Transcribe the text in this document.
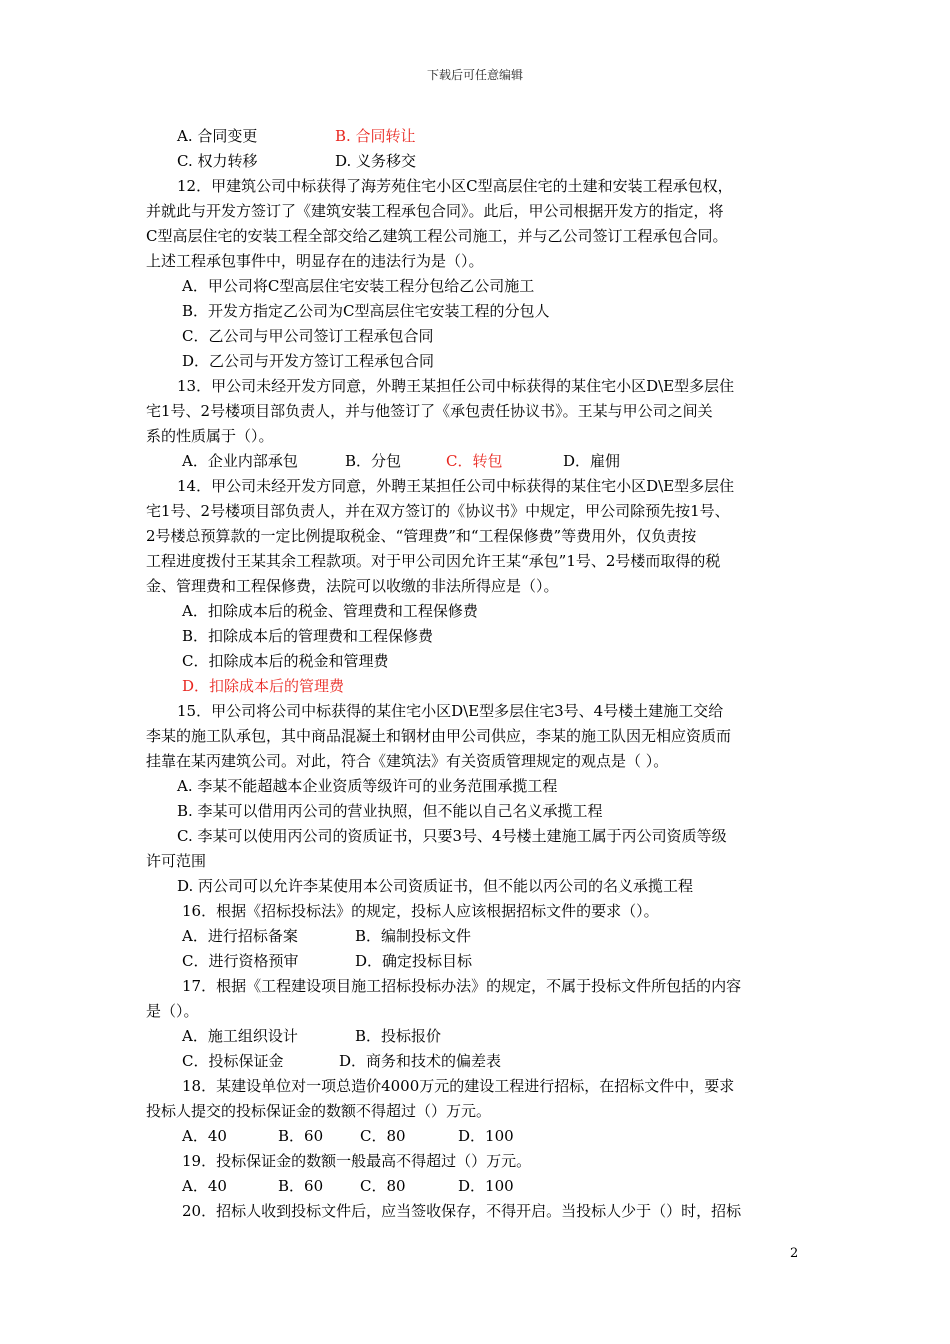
下载后可任意编辑
A. 合同变更	B. 合同转让
C. 权力转移	D. 义务移交
12．甲建筑公司中标获得了海芳苑住宅小区C型高层住宅的土建和安装工程承包权，
并就此与开发方签订了《建筑安装工程承包合同》。此后，甲公司根据开发方的指定，将
C型高层住宅的安装工程全部交给乙建筑工程公司施工，并与乙公司签订工程承包合同。
上述工程承包事件中，明显存在的违法行为是（）。
A．甲公司将C型高层住宅安装工程分包给乙公司施工
B．开发方指定乙公司为C型高层住宅安装工程的分包人
C．乙公司与甲公司签订工程承包合同
D．乙公司与开发方签订工程承包合同
13．甲公司未经开发方同意，外聘王某担任公司中标获得的某住宅小区D\E型多层住
宅1号、2号楼项目部负责人，并与他签订了《承包责任协议书》。王某与甲公司之间关
系的性质属于（）。
A．企业内部承包	B．分包	C．转包	D．雇佣
14．甲公司未经开发方同意，外聘王某担任公司中标获得的某住宅小区D\E型多层住
宅1号、2号楼项目部负责人，并在双方签订的《协议书》中规定，甲公司除预先按1号、
2号楼总预算款的一定比例提取税金、“管理费”和“工程保修费”等费用外，仅负责按
工程进度拨付王某其余工程款项。对于甲公司因允许王某“承包”1号、2号楼而取得的税
金、管理费和工程保修费，法院可以收缴的非法所得应是（）。
A．扣除成本后的税金、管理费和工程保修费
B．扣除成本后的管理费和工程保修费
C．扣除成本后的税金和管理费
D．扣除成本后的管理费
15．甲公司将公司中标获得的某住宅小区D\E型多层住宅3号、4号楼土建施工交给
李某的施工队承包，其中商品混凝土和钢材由甲公司供应，李某的施工队因无相应资质而
挂靠在某丙建筑公司。对此，符合《建筑法》有关资质管理规定的观点是（ ）。
A. 李某不能超越本企业资质等级许可的业务范围承揽工程
B. 李某可以借用丙公司的营业执照，但不能以自己名义承揽工程
C. 李某可以使用丙公司的资质证书，只要3号、4号楼土建施工属于丙公司资质等级
许可范围
D. 丙公司可以允许李某使用本公司资质证书，但不能以丙公司的名义承揽工程
16．根据《招标投标法》的规定，投标人应该根据招标文件的要求（）。
A．进行招标备案	B．编制投标文件
C．进行资格预审	D．确定投标目标
17．根据《工程建设项目施工招标投标办法》的规定，不属于投标文件所包括的内容
是（）。
A．施工组织设计	B．投标报价
C．投标保证金	D．商务和技术的偏差表
18．某建设单位对一项总造价4000万元的建设工程进行招标，在招标文件中，要求
投标人提交的投标保证金的数额不得超过（）万元。
A．40	B．60 C．80	D．100
19．投标保证金的数额一般最高不得超过（）万元。
A．40	B．60 C．80	D．100
20．招标人收到投标文件后，应当签收保存，不得开启。当投标人少于（）时，招标
2
